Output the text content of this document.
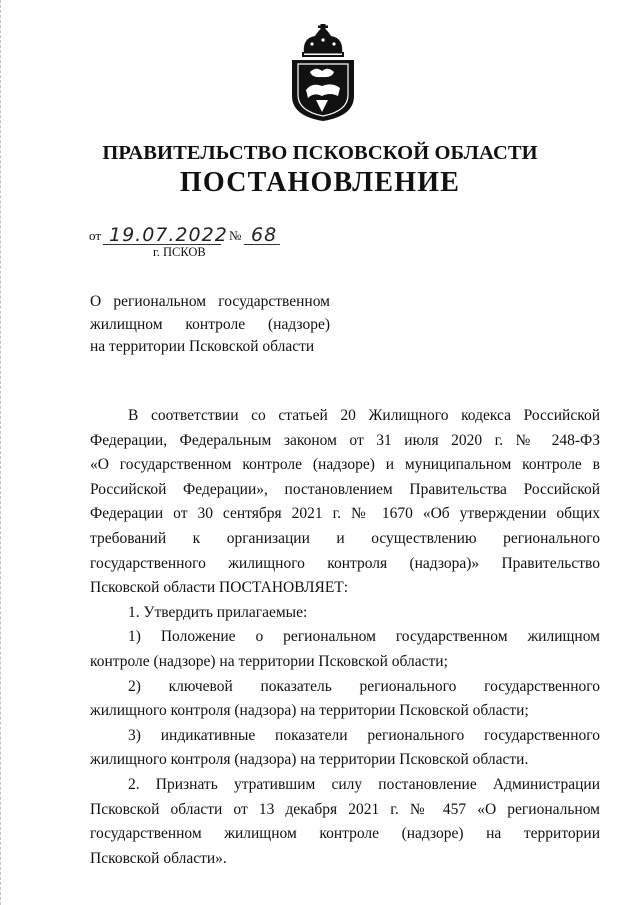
ПРАВИТЕЛЬСТВО ПСКОВСКОЙ ОБЛАСТИ
ПОСТАНОВЛЕНИЕ
от 19.07.2022 № 68
г. ПСКОВ
О региональном государственном
жилищном контроле (надзоре)
на территории Псковской области
В соответствии со статьей 20 Жилищного кодекса Российской
Федерации, Федеральным законом от 31 июля 2020 г. № 248-ФЗ
«О государственном контроле (надзоре) и муниципальном контроле в
Российской Федерации», постановлением Правительства Российской
Федерации от 30 сентября 2021 г. № 1670 «Об утверждении общих
требований к организации и осуществлению регионального
государственного жилищного контроля (надзора)» Правительство
Псковской области ПОСТАНОВЛЯЕТ:
1. Утвердить прилагаемые:
1) Положение о региональном государственном жилищном
контроле (надзоре) на территории Псковской области;
2) ключевой показатель регионального государственного
жилищного контроля (надзора) на территории Псковской области;
3) индикативные показатели регионального государственного
жилищного контроля (надзора) на территории Псковской области.
2. Признать утратившим силу постановление Администрации
Псковской области от 13 декабря 2021 г. № 457 «О региональном
государственном жилищном контроле (надзоре) на территории
Псковской области».
